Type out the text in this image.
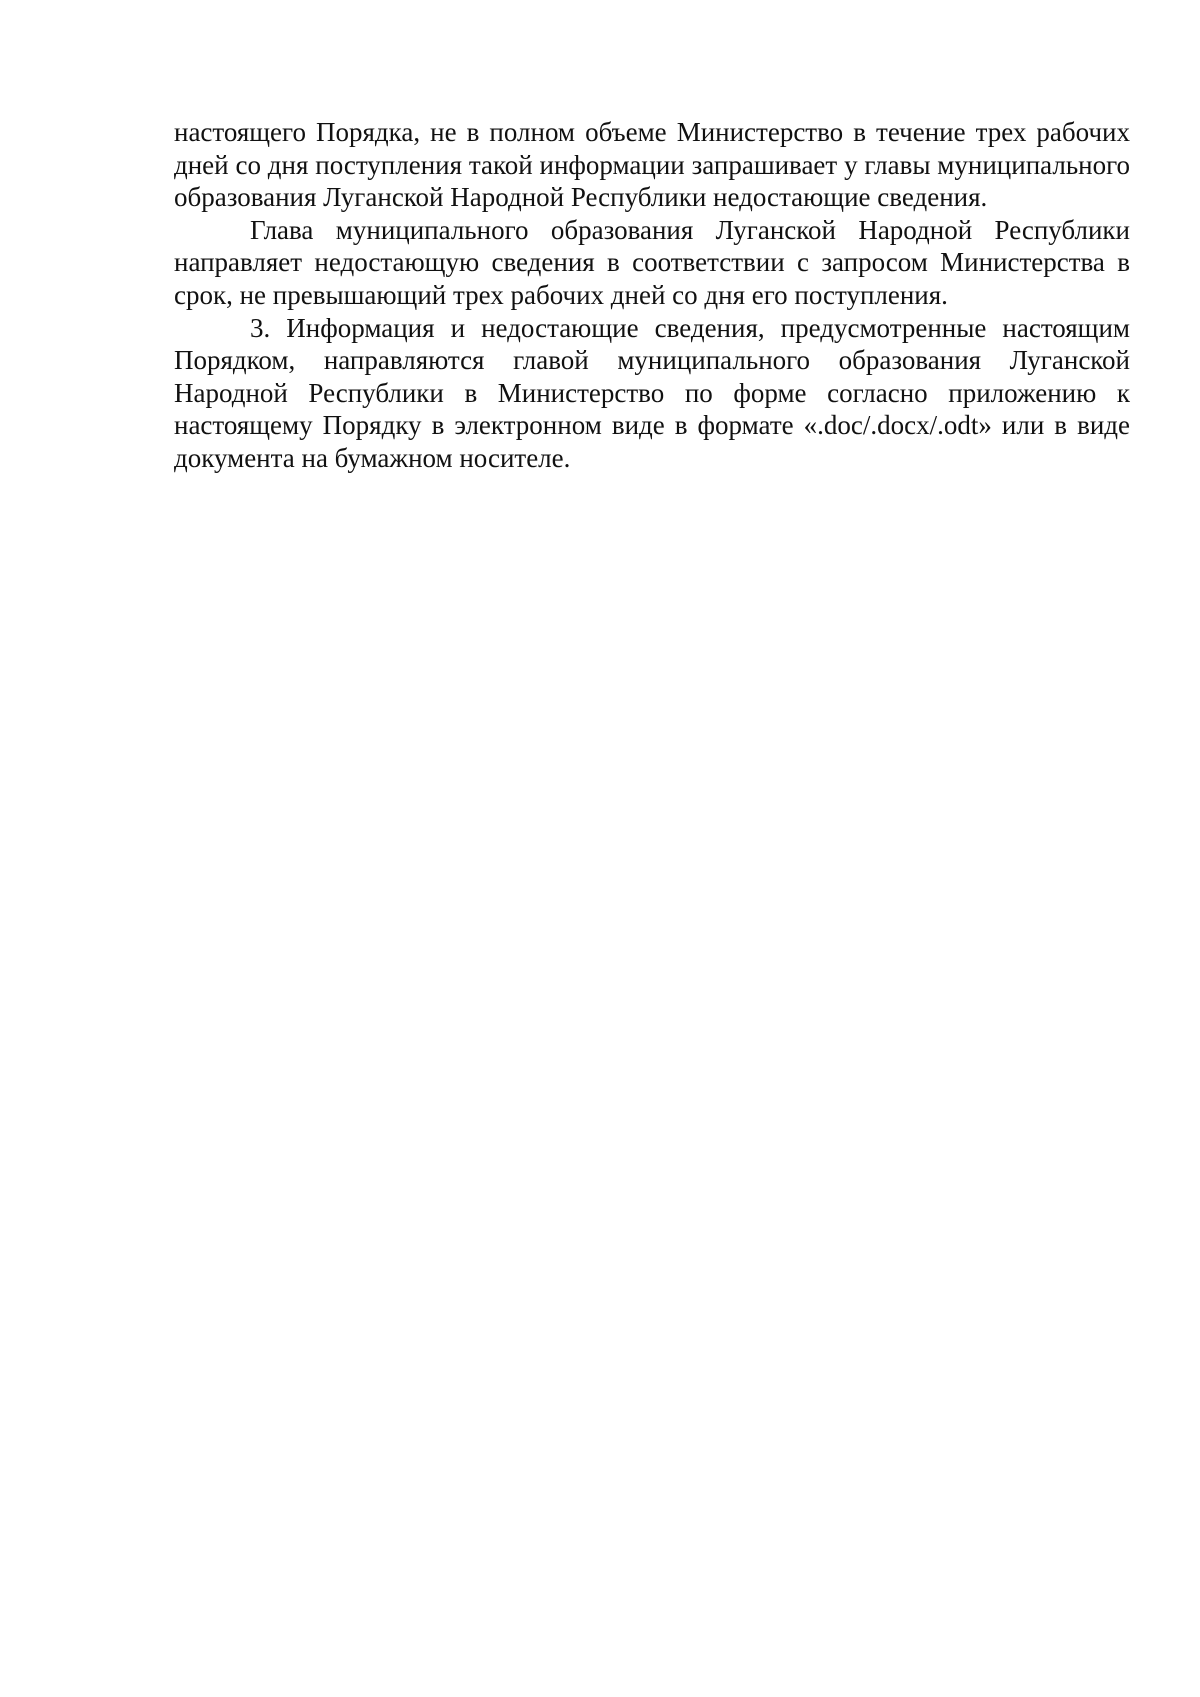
настоящего Порядка, не в полном объеме Министерство в течение трех рабочих дней со дня поступления такой информации запрашивает у главы муниципального образования Луганской Народной Республики недостающие сведения.

Глава муниципального образования Луганской Народной Республики направляет недостающую сведения в соответствии с запросом Министерства в срок, не превышающий трех рабочих дней со дня его поступления.

3. Информация и недостающие сведения, предусмотренные настоящим Порядком, направляются главой муниципального образования Луганской Народной Республики в Министерство по форме согласно приложению к настоящему Порядку в электронном виде в формате «.doc/.docx/.odt» или в виде документа на бумажном носителе.
